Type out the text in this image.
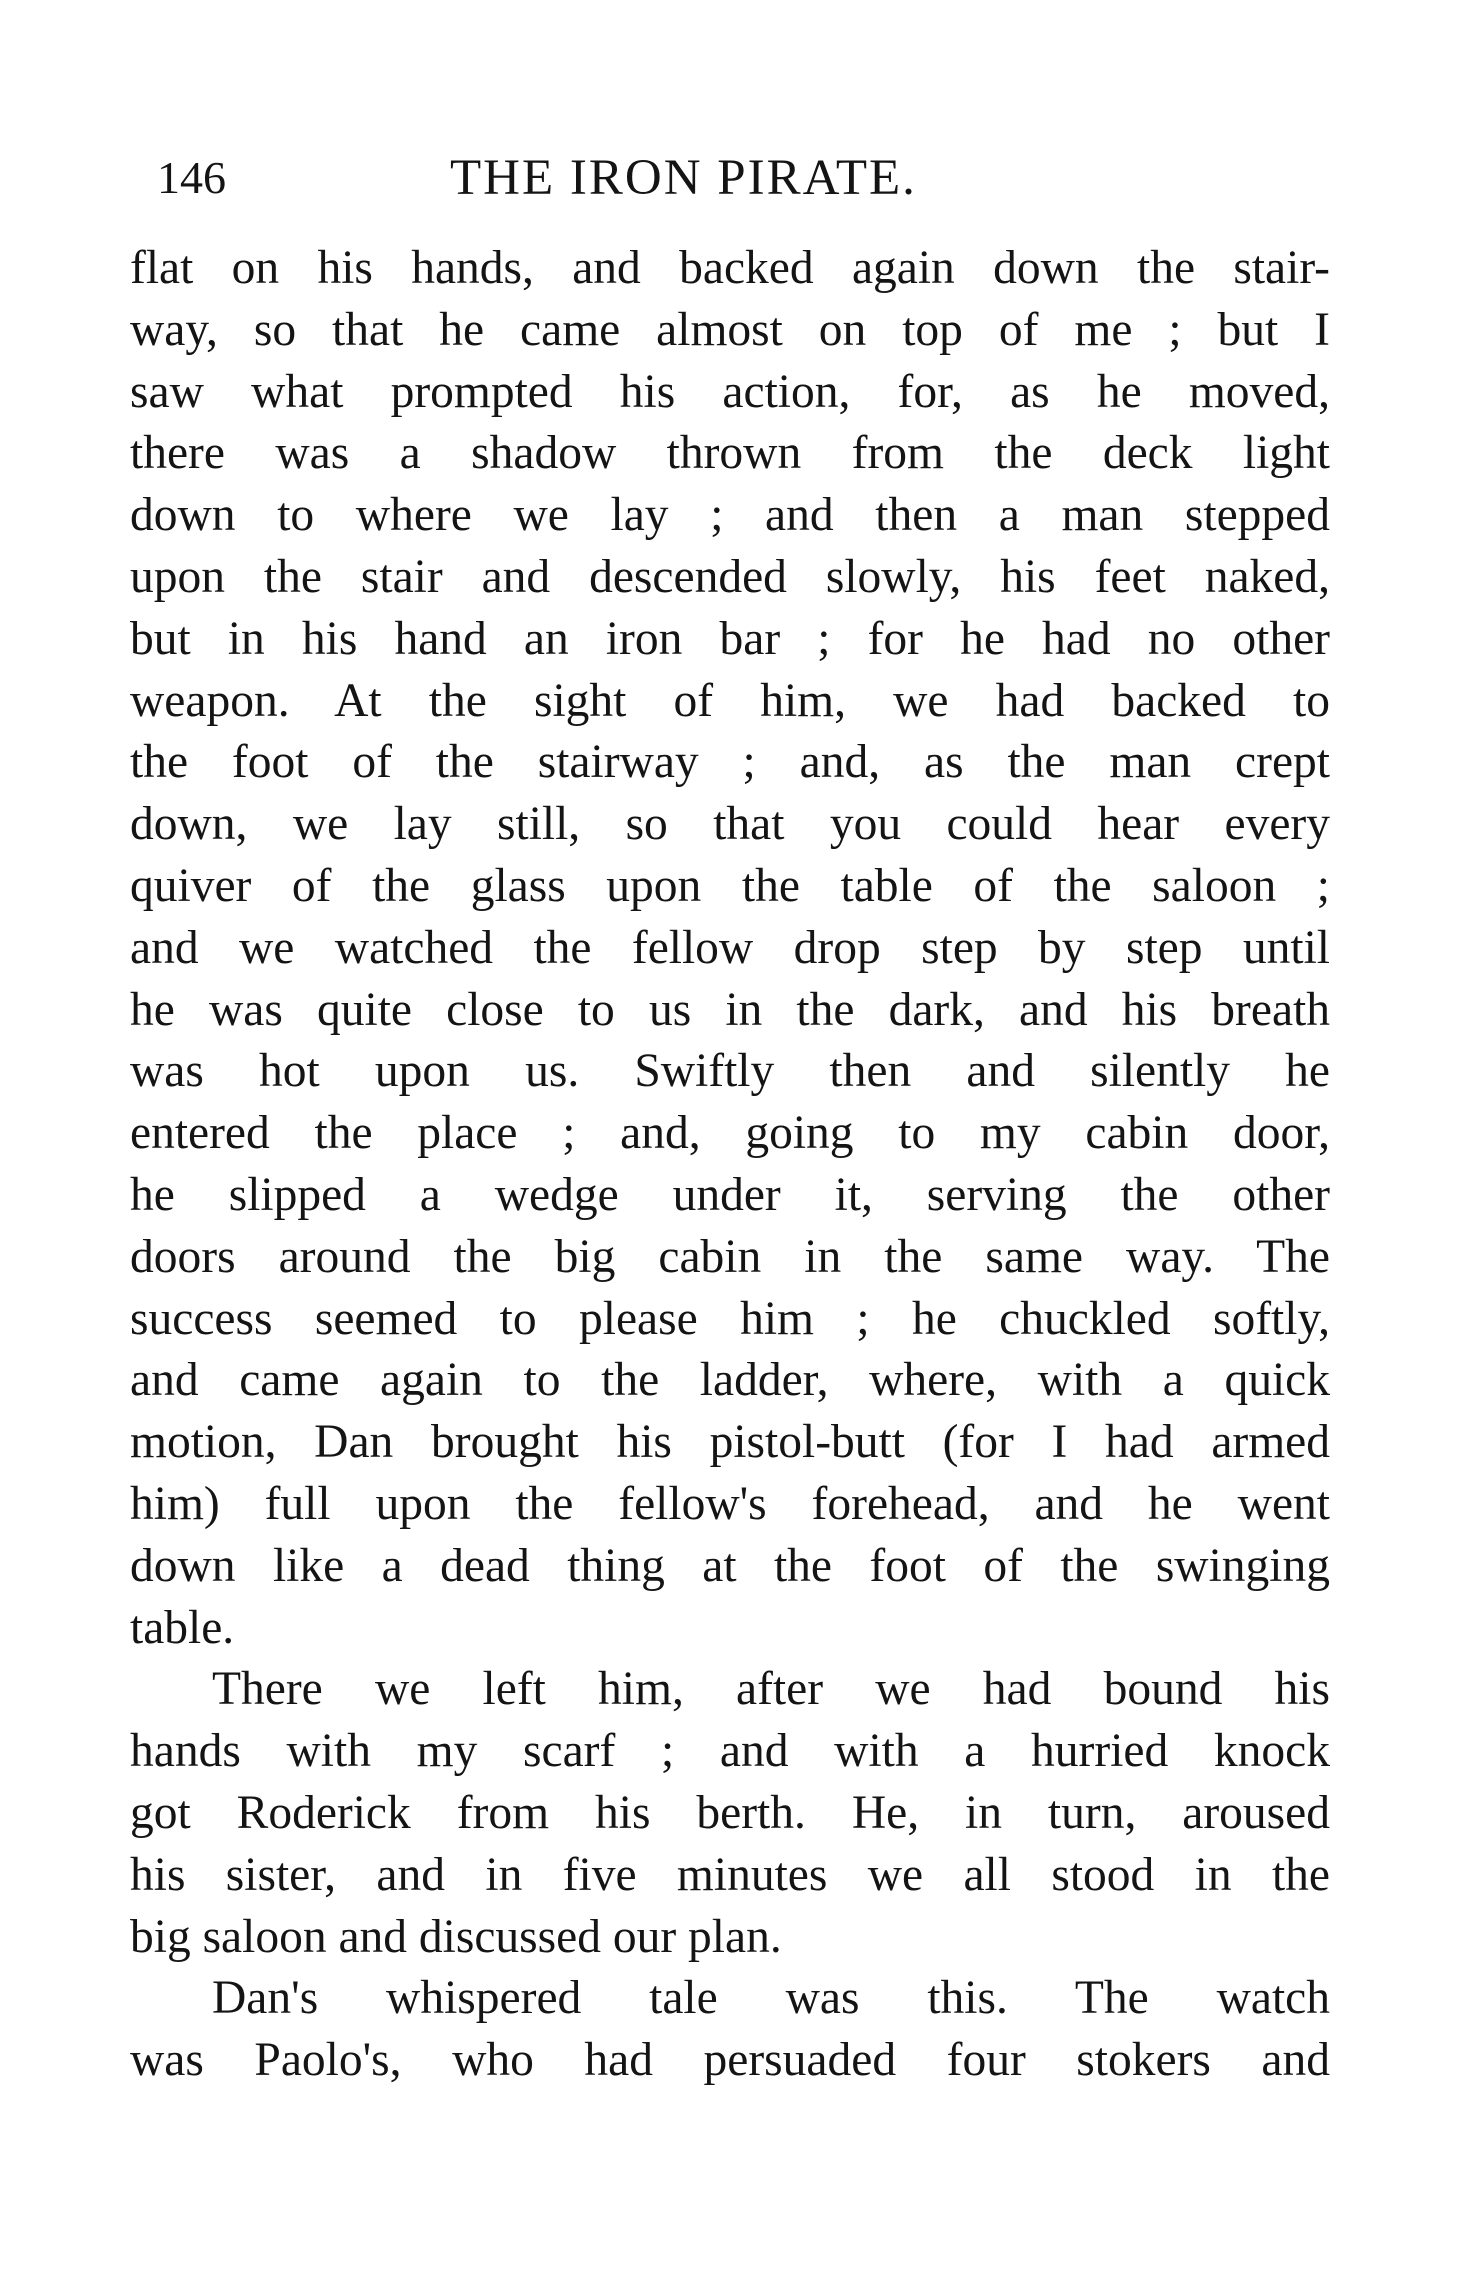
146	THE IRON PIRATE.
flat on his hands, and backed again down the stair-
way, so that he came almost on top of me ; but I
saw what prompted his action, for, as he moved,
there was a shadow thrown from the deck light
down to where we lay ; and then a man stepped
upon the stair and descended slowly, his feet naked,
but in his hand an iron bar ; for he had no other
weapon. At the sight of him, we had backed to
the foot of the stairway ; and, as the man crept
down, we lay still, so that you could hear every
quiver of the glass upon the table of the saloon ;
and we watched the fellow drop step by step until
he was quite close to us in the dark, and his breath
was hot upon us. Swiftly then and silently he
entered the place ; and, going to my cabin door,
he slipped a wedge under it, serving the other
doors around the big cabin in the same way. The
success seemed to please him ; he chuckled softly,
and came again to the ladder, where, with a quick
motion, Dan brought his pistol-butt (for I had armed
him) full upon the fellow's forehead, and he went
down like a dead thing at the foot of the swinging
table.
There we left him, after we had bound his
hands with my scarf ; and with a hurried knock
got Roderick from his berth. He, in turn, aroused
his sister, and in five minutes we all stood in the
big saloon and discussed our plan.
Dan's whispered tale was this. The watch
was Paolo's, who had persuaded four stokers and
